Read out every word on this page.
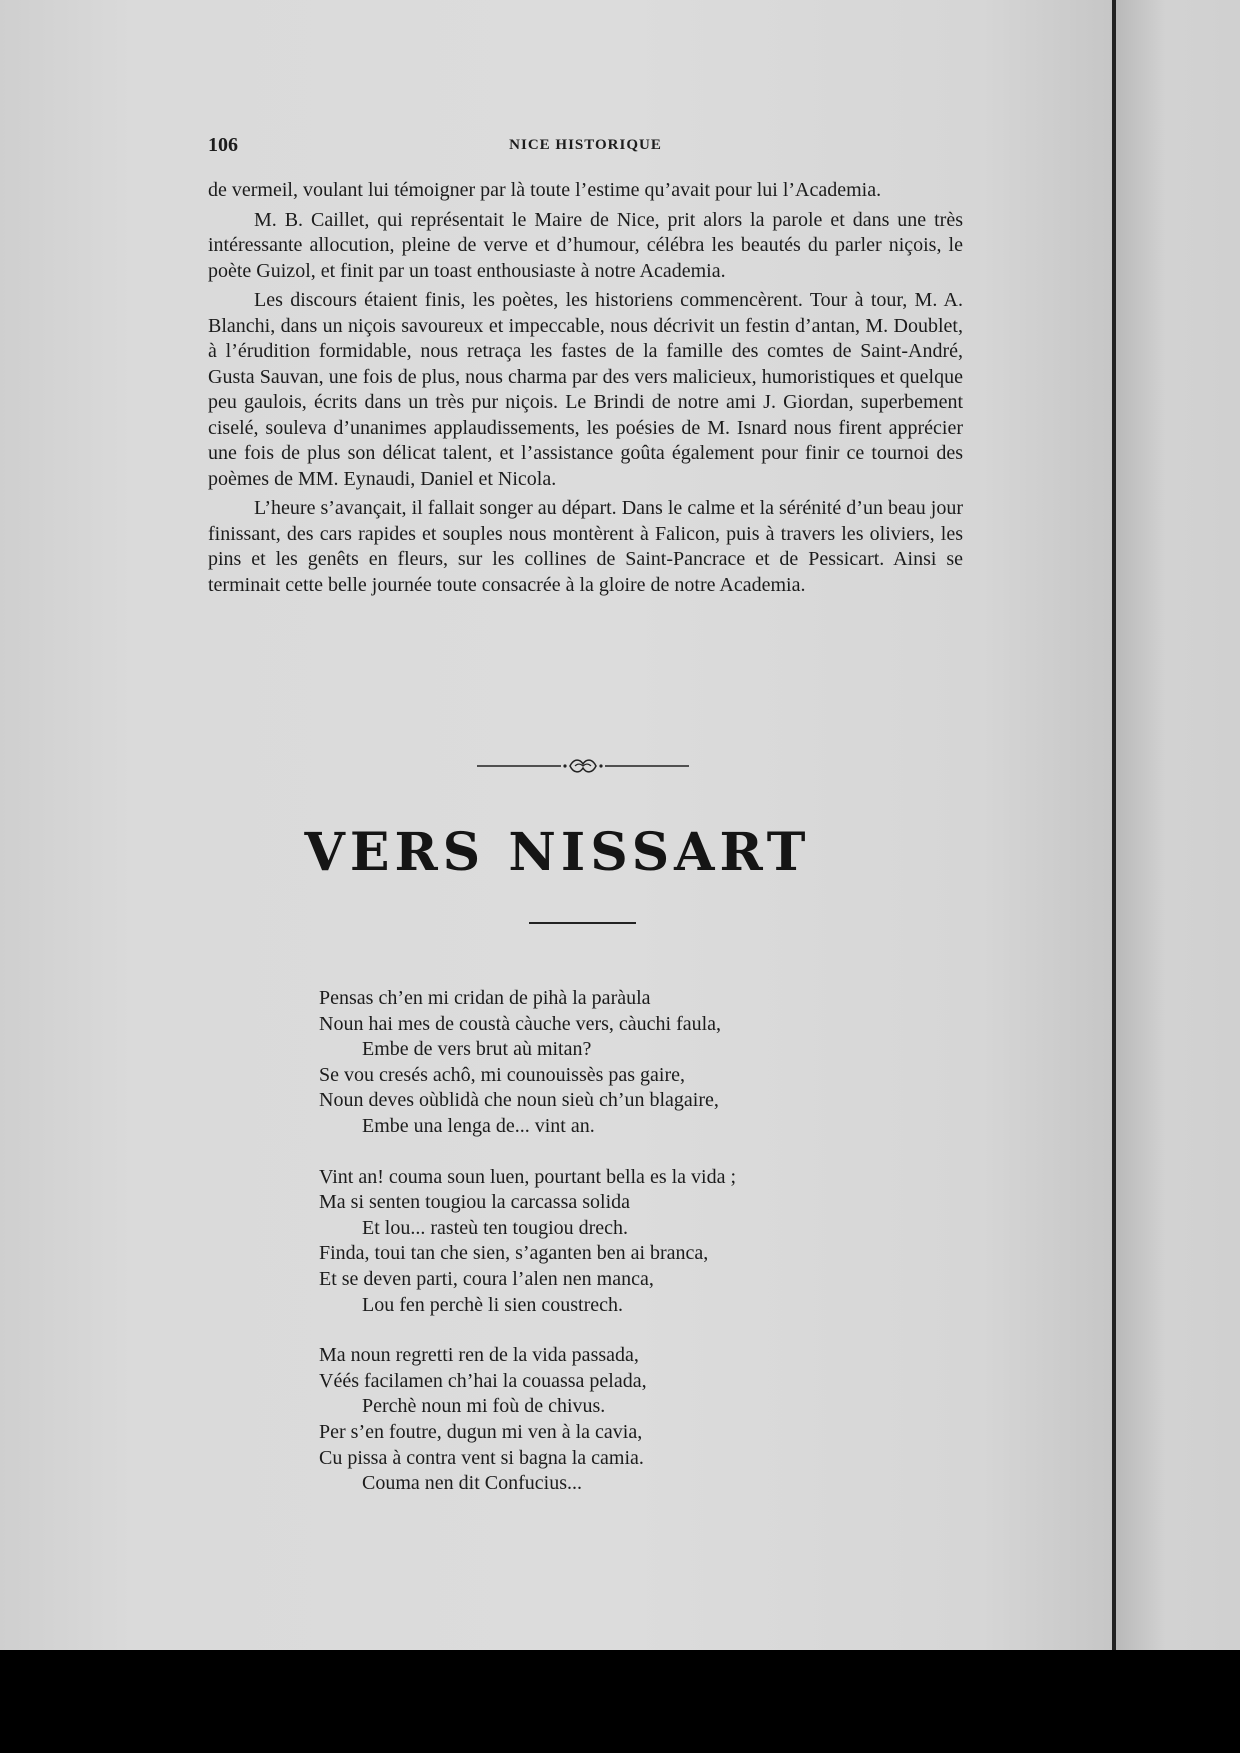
106	NICE HISTORIQUE

de vermeil, voulant lui témoigner par là toute l’estime qu’avait pour lui l’Academia.

M. B. Caillet, qui représentait le Maire de Nice, prit alors la parole et dans une très intéressante allocution, pleine de verve et d’humour, célébra les beautés du parler niçois, le poète Guizol, et finit par un toast enthousiaste à notre Academia.

Les discours étaient finis, les poètes, les historiens commencèrent. Tour à tour, M. A. Blanchi, dans un niçois savoureux et impeccable, nous décrivit un festin d’antan, M. Doublet, à l’érudition formidable, nous retraça les fastes de la famille des comtes de Saint-André, Gusta Sauvan, une fois de plus, nous charma par des vers malicieux, humoristiques et quelque peu gaulois, écrits dans un très pur niçois. Le Brindi de notre ami J. Giordan, superbement ciselé, souleva d’unanimes applaudissements, les poésies de M. Isnard nous firent apprécier une fois de plus son délicat talent, et l’assistance goûta également pour finir ce tournoi des poèmes de MM. Eynaudi, Daniel et Nicola.

L’heure s’avançait, il fallait songer au départ. Dans le calme et la sérénité d’un beau jour finissant, des cars rapides et souples nous montèrent à Falicon, puis à travers les oliviers, les pins et les genêts en fleurs, sur les collines de Saint-Pancrace et de Pessicart. Ainsi se terminait cette belle journée toute consacrée à la gloire de notre Academia.

VERS NISSART
Pensas ch’en mi cridan de pihà la paràula
Noun hai mes de coustà càuche vers, càuchi faula,
Embe de vers brut aù mitan?
Se vou cresés achô, mi counouissès pas gaire,
Noun deves oùblidà che noun sieù ch’un blagaire,
Embe una lenga de... vint an.
Vint an! couma soun luen, pourtant bella es la vida ;
Ma si senten tougiou la carcassa solida
Et lou... rasteù ten tougiou drech.
Finda, toui tan che sien, s’aganten ben ai branca,
Et se deven parti, coura l’alen nen manca,
Lou fen perchè li sien coustrech.
Ma noun regretti ren de la vida passada,
Véés facilamen ch’hai la couassa pelada,
Perchè noun mi foù de chivus.
Per s’en foutre, dugun mi ven à la cavia,
Cu pissa à contra vent si bagna la camia.
Couma nen dit Confucius...
